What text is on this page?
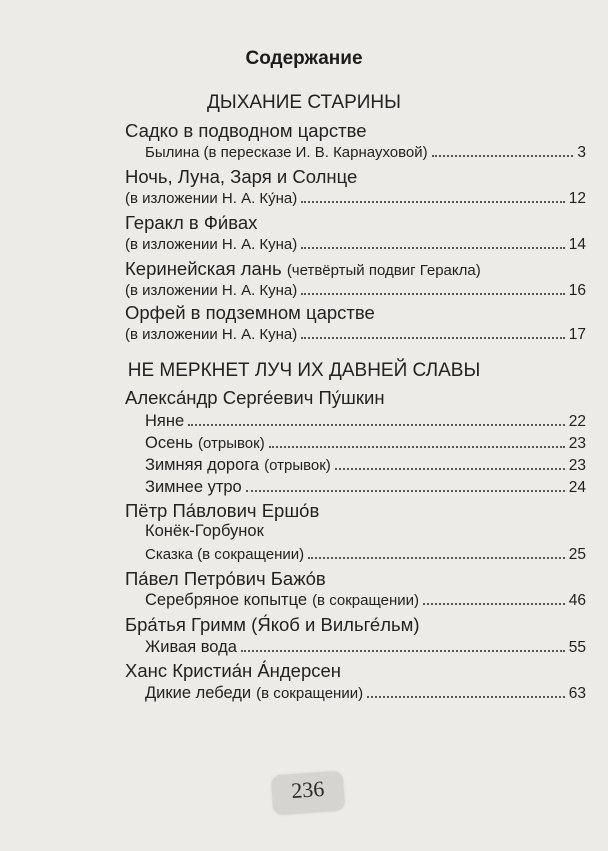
Содержание
ДЫХАНИЕ СТАРИНЫ
Садко в подводном царстве
Былина (в пересказе И. В. Карнауховой)	3
Ночь, Луна, Заря и Солнце
(в изложении Н. А. Ку́на)	12
Геракл в Фи́вах
(в изложении Н. А. Куна)	14
Керинейская лань (четвёртый подвиг Геракла)
(в изложении Н. А. Куна)	16
Орфей в подземном царстве
(в изложении Н. А. Куна)	17
НЕ МЕРКНЕТ ЛУЧ ИХ ДАВНЕЙ СЛАВЫ
Алекса́ндр Серге́евич Пу́шкин
Няне	22
Осень (отрывок)	23
Зимняя дорога (отрывок)	23
Зимнее утро	24
Пётр Па́влович Ершо́в
Конёк-Горбунок
Сказка (в сокращении)	25
Па́вел Петро́вич Бажо́в
Серебряное копытце (в сокращении)	46
Бра́тья Гримм (Я́коб и Вильге́льм)
Живая вода	55
Ханс Кристиа́н А́ндерсен
Дикие лебеди (в сокращении)	63
236
